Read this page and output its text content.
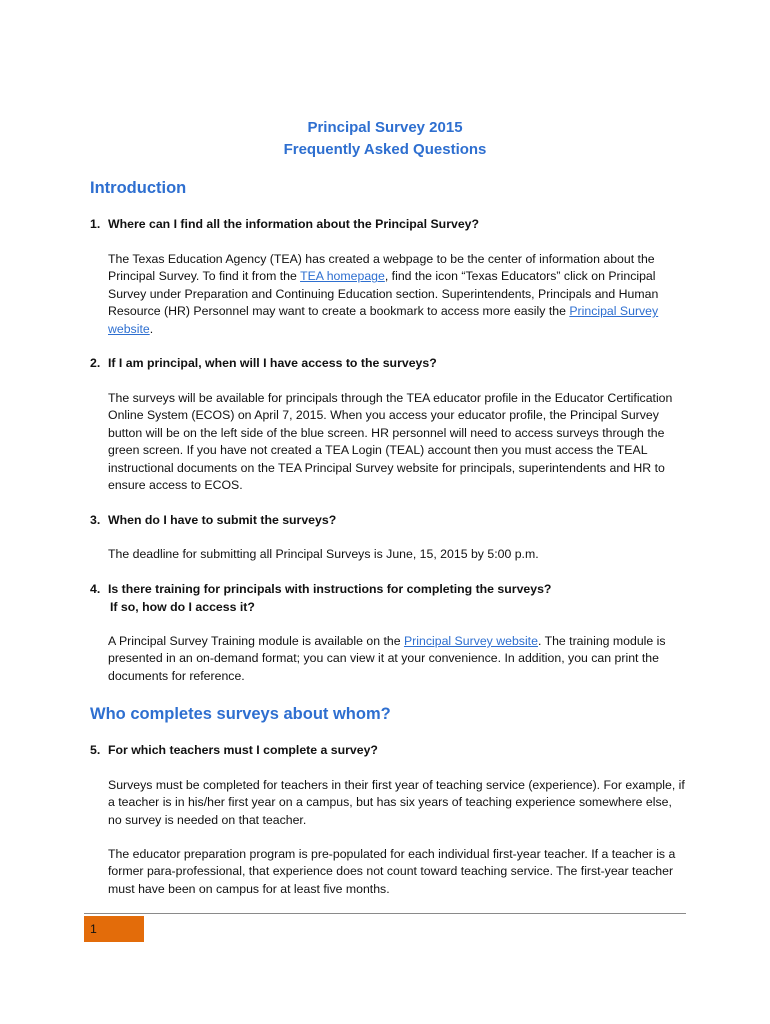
Principal Survey 2015
Frequently Asked Questions
Introduction

1. Where can I find all the information about the Principal Survey?

The Texas Education Agency (TEA) has created a webpage to be the center of information about the Principal Survey. To find it from the TEA homepage, find the icon “Texas Educators” click on Principal Survey under Preparation and Continuing Education section. Superintendents, Principals and Human Resource (HR) Personnel may want to create a bookmark to access more easily the Principal Survey website.

2. If I am principal, when will I have access to the surveys?

The surveys will be available for principals through the TEA educator profile in the Educator Certification Online System (ECOS) on April 7, 2015. When you access your educator profile, the Principal Survey button will be on the left side of the blue screen. HR personnel will need to access surveys through the green screen. If you have not created a TEA Login (TEAL) account then you must access the TEAL instructional documents on the TEA Principal Survey website for principals, superintendents and HR to ensure access to ECOS.

3. When do I have to submit the surveys?

The deadline for submitting all Principal Surveys is June, 15, 2015 by 5:00 p.m.

4. Is there training for principals with instructions for completing the surveys?
If so, how do I access it?

A Principal Survey Training module is available on the Principal Survey website. The training module is presented in an on-demand format; you can view it at your convenience. In addition, you can print the documents for reference.

Who completes surveys about whom?

5. For which teachers must I complete a survey?

Surveys must be completed for teachers in their first year of teaching service (experience). For example, if a teacher is in his/her first year on a campus, but has six years of teaching experience somewhere else, no survey is needed on that teacher.

The educator preparation program is pre-populated for each individual first-year teacher. If a teacher is a former para-professional, that experience does not count toward teaching service. The first-year teacher must have been on campus for at least five months.

1
